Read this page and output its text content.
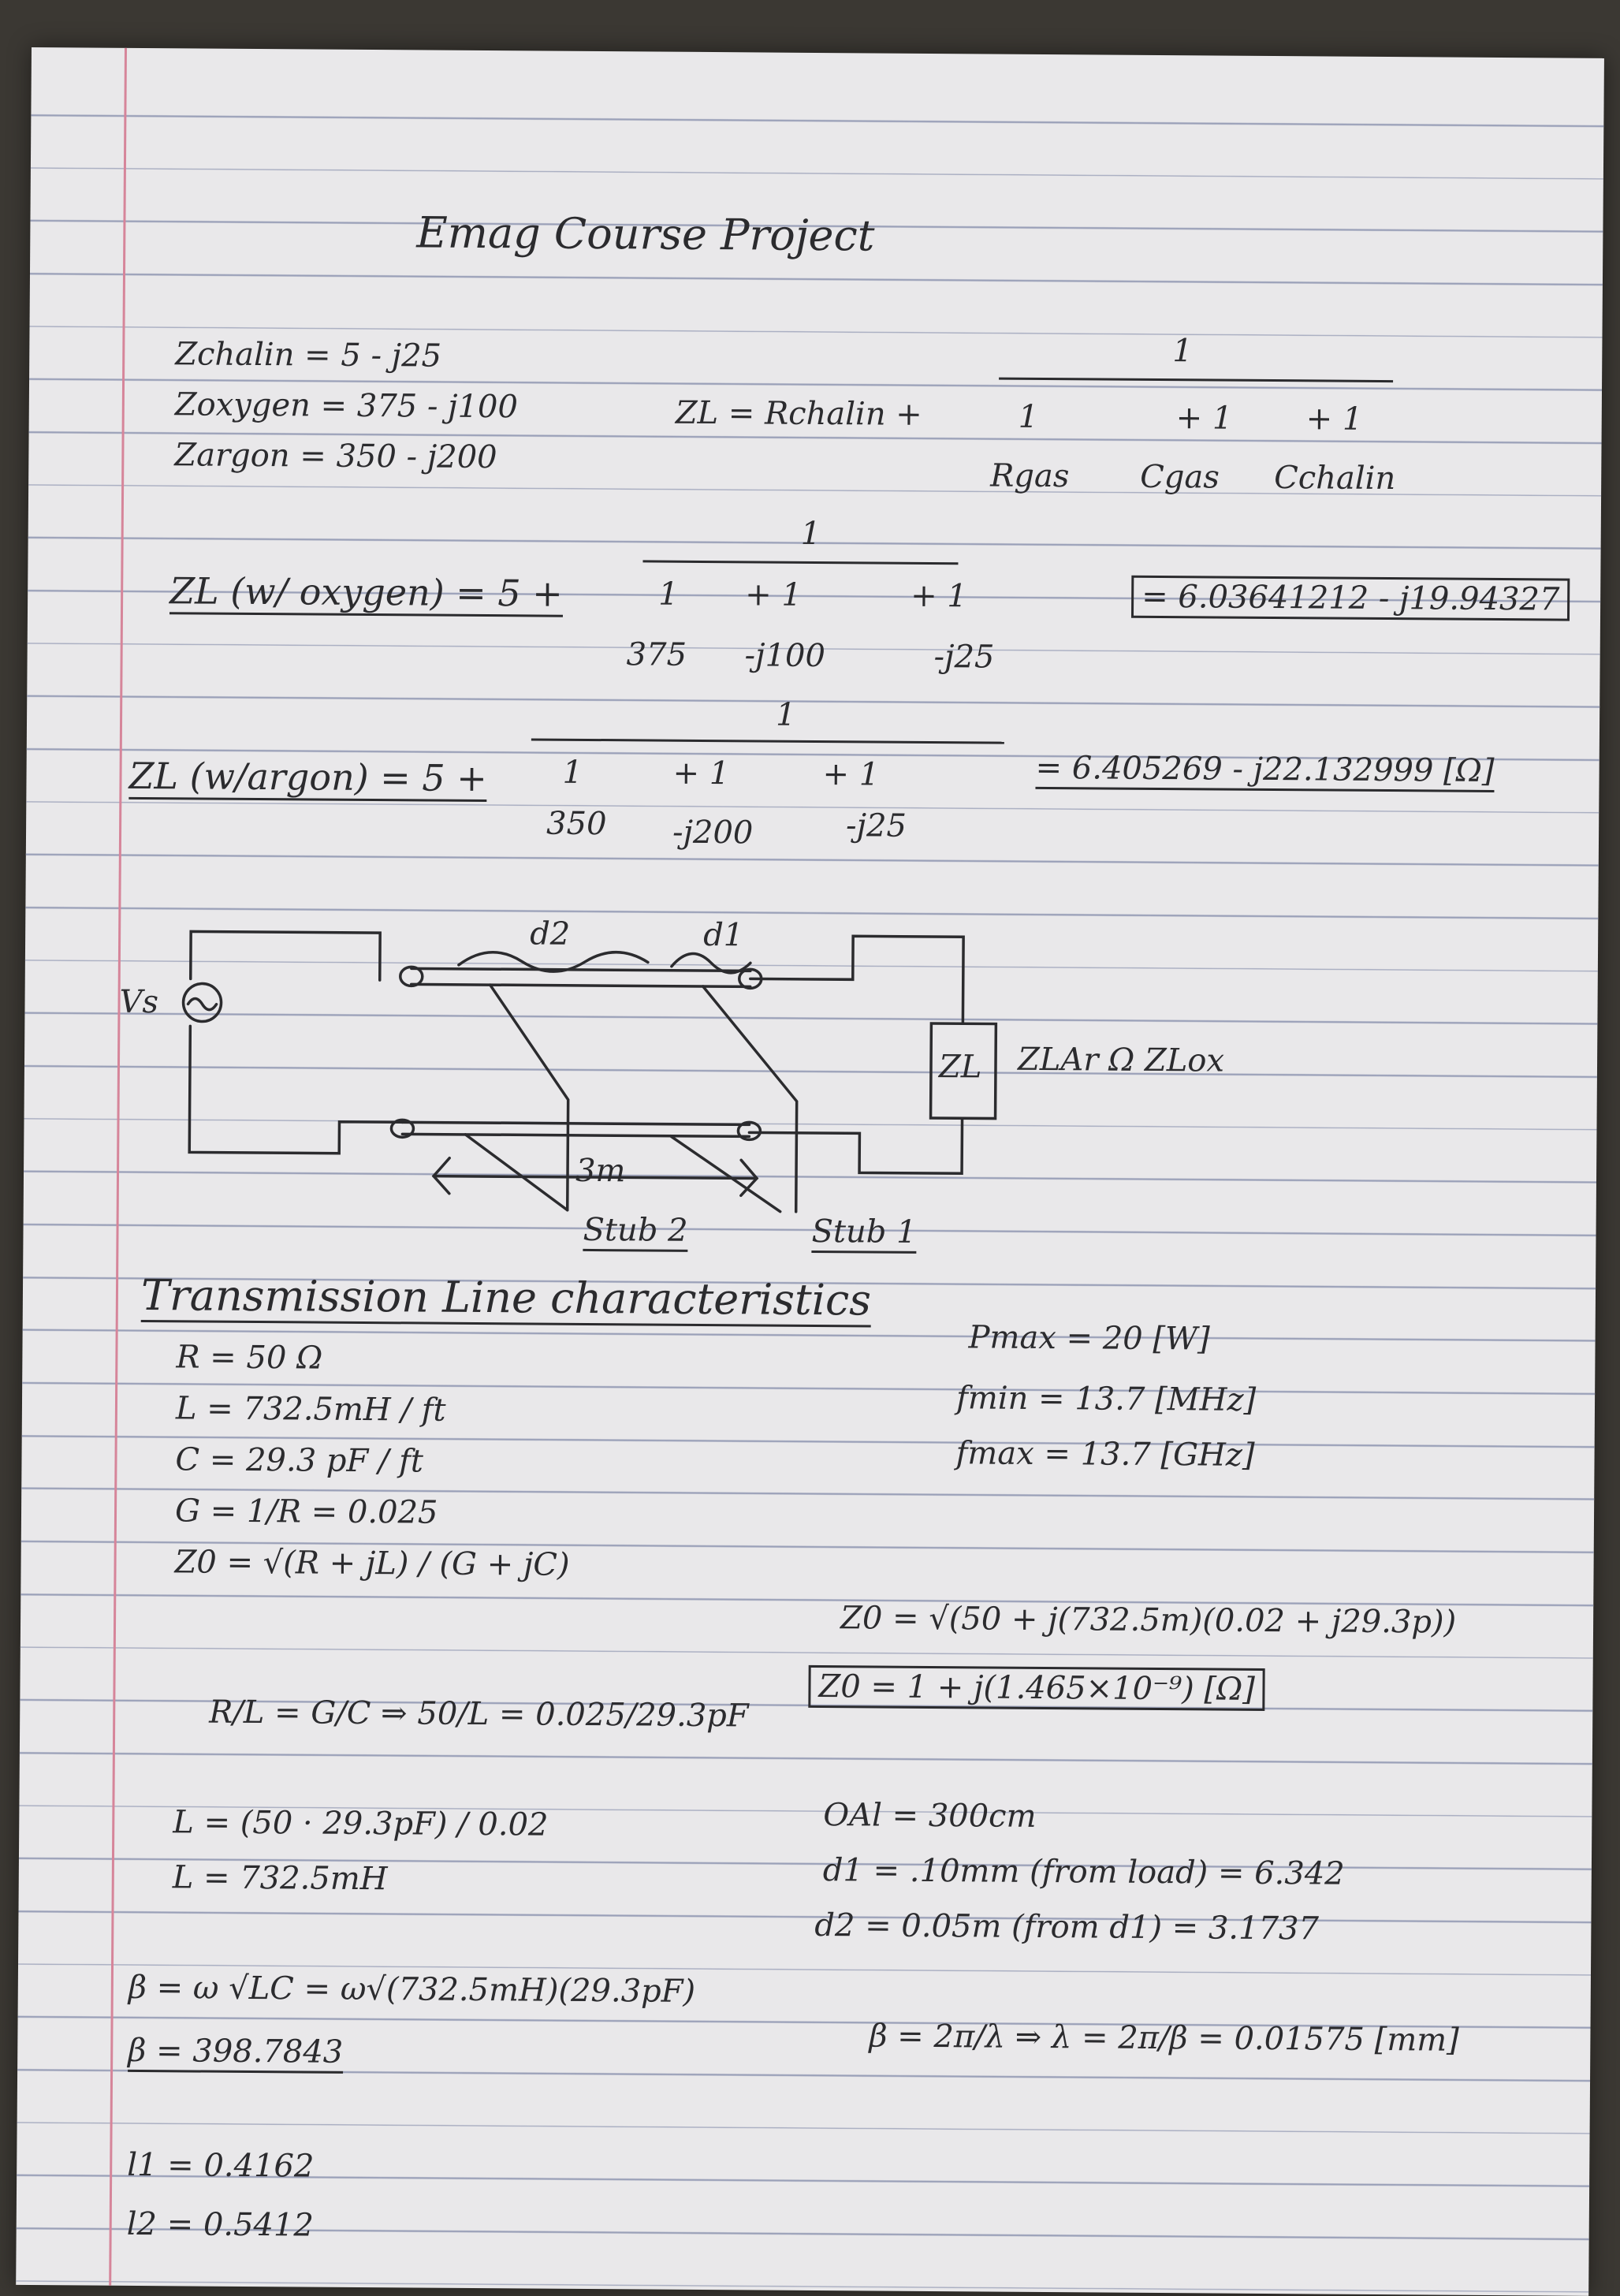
Emag Course Project
Zchalin = 5 - j25
Zoxygen = 375 - j100
Zargon = 350 - j200
ZL = Rchalin +
1
1	+ 1 + 1
Rgas Cgas Cchalin
ZL (w/ oxygen) = 5 +
1
1 + 1	+ 1
375 -j100	-j25
= 6.03641212 - j19.94327
ZL (w/argon) = 5 +
1
1	+ 1	+ 1
350 -j200	-j25
= 6.405269 - j22.132999 [Ω]
Vs
d2	d1
ZL ZLAr Ω ZLox
3m
Stub 2	Stub 1
Transmission Line characteristics
R = 50 Ω
L = 732.5mH / ft
C = 29.3 pF / ft
G = 1/R = 0.025
Z0 = √(R + jL) / (G + jC)
Pmax = 20 [W]
fmin = 13.7 [MHz]
fmax = 13.7 [GHz]
R/L = G/C ⇒ 50/L = 0.025/29.3pF
L = (50 · 29.3pF) / 0.02
L = 732.5mH
Z0 = √(50 + j(732.5m)(0.02 + j29.3p))
Z0 = 1 + j(1.465×10⁻⁹) [Ω]
OAl = 300cm
d1 = .10mm (from load) = 6.342
d2 = 0.05m (from d1) = 3.1737
β = ω √LC = ω√(732.5mH)(29.3pF)
β = 398.7843	β = 2π/λ ⇒ λ = 2π/β = 0.01575 [mm]
l1 = 0.4162
l2 = 0.5412
